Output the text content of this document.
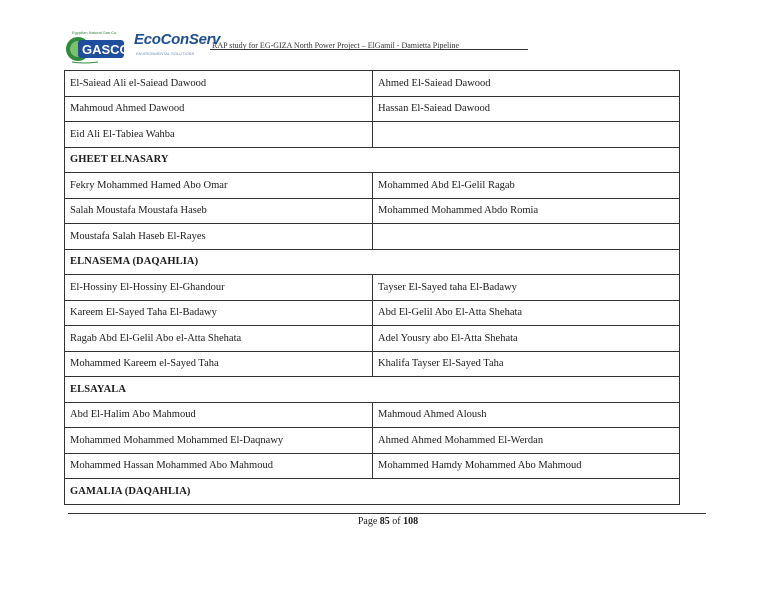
Egyptian Natural Gas Co.
GASCO
EcoConServ
ENVIRONMENTAL SOLUTIONS
RAP study for EG-GIZA North Power Project – ElGamil - Damietta Pipeline
El-Saiead Ali el-Saiead Dawood	Ahmed El-Saiead Dawood
Mahmoud Ahmed Dawood	Hassan El-Saiead Dawood
Eid Ali El-Tabiea Wahba	
GHEET ELNASARY	
Fekry Mohammed Hamed Abo Omar	Mohammed Abd El-Gelil Ragab
Salah Moustafa Moustafa Haseb	Mohammed Mohammed Abdo Romia
Moustafa Salah Haseb El-Rayes	
ELNASEMA (DAQAHLIA)	
El-Hossiny El-Hossiny El-Ghandour	Tayser El-Sayed taha El-Badawy
Kareem El-Sayed Taha El-Badawy	Abd El-Gelil Abo El-Atta Shehata
Ragab Abd El-Gelil Abo el-Atta Shehata	Adel Yousry abo El-Atta Shehata
Mohammed Kareem el-Sayed Taha	Khalifa Tayser El-Sayed Taha
ELSAYALA	
Abd El-Halim Abo Mahmoud	Mahmoud Ahmed Aloush
Mohammed Mohammed Mohammed El-Daqnawy	Ahmed Ahmed Mohammed El-Werdan
Mohammed Hassan Mohammed Abo Mahmoud	Mohammed Hamdy Mohammed Abo Mahmoud
GAMALIA (DAQAHLIA)	
Page 85 of 108
